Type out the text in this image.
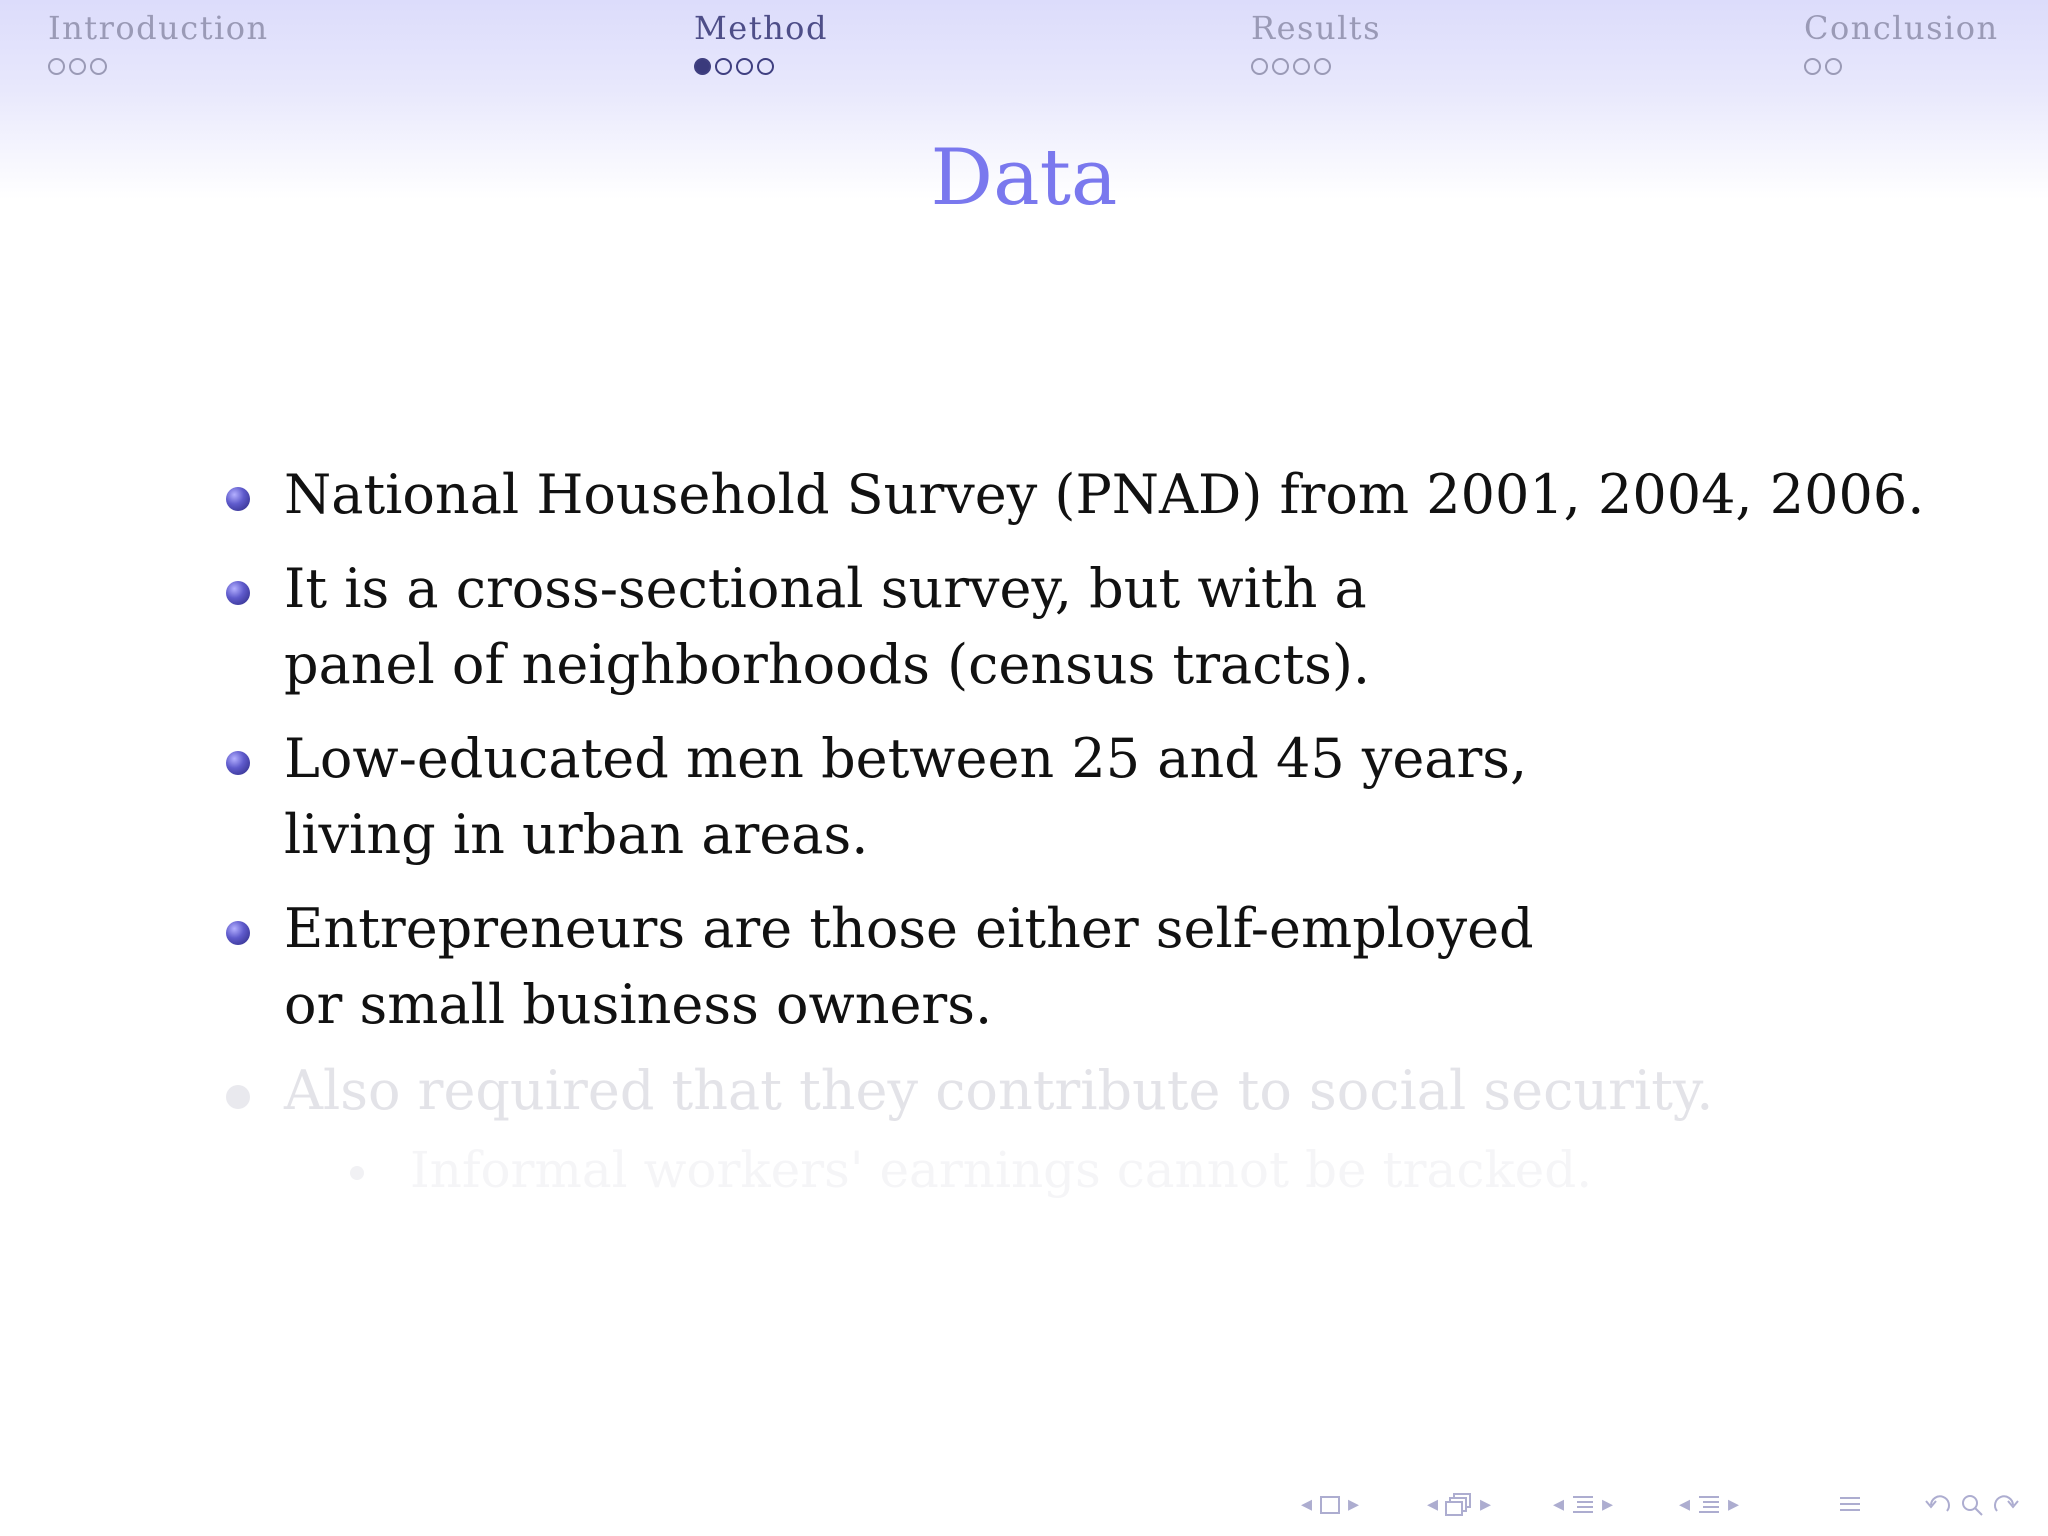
Introduction	Method	Results	Conclusion
Data

National Household Survey (PNAD) from 2001, 2004, 2006.

It is a cross-sectional survey, but with a

panel of neighborhoods (census tracts).

Low-educated men between 25 and 45 years,

living in urban areas.

Entrepreneurs are those either self-employed

or small business owners.

Also required that they contribute to social security.

Informal workers' earnings cannot be tracked.

◂ ▸	◂ ▸	◂ ▸	◂ ▸
